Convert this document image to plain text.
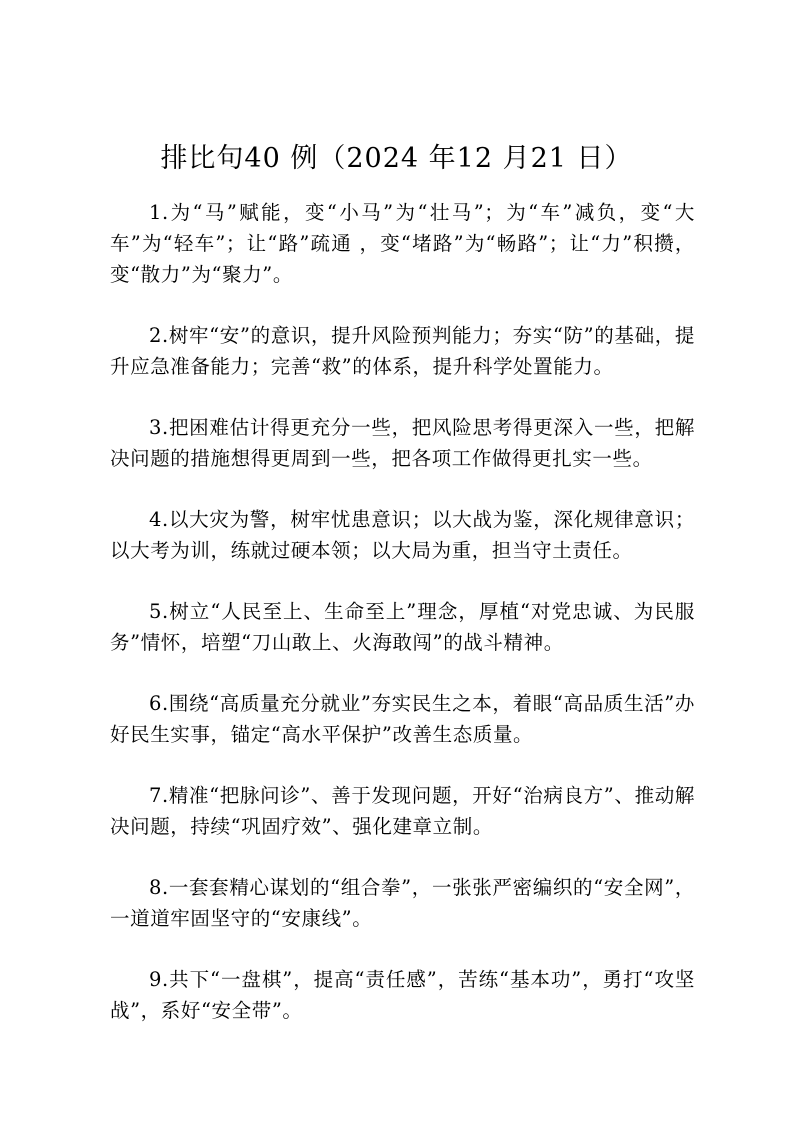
排比句40 例（2024 年12 月21 日）

1.为“马”赋能，变“小马”为“壮马”；为“车”减负，变“大车”为“轻车”；让“路”疏通 ，变“堵路”为“畅路”；让“力”积攒，变“散力”为“聚力”。

2.树牢“安”的意识，提升风险预判能力；夯实“防”的基础，提升应急准备能力；完善“救”的体系，提升科学处置能力。

3.把困难估计得更充分一些，把风险思考得更深入一些，把解决问题的措施想得更周到一些，把各项工作做得更扎实一些。

4.以大灾为警，树牢忧患意识；以大战为鉴，深化规律意识；以大考为训，练就过硬本领；以大局为重，担当守土责任。

5.树立“人民至上、生命至上”理念，厚植“对党忠诚、为民服务”情怀，培塑“刀山敢上、火海敢闯”的战斗精神。

6.围绕“高质量充分就业”夯实民生之本，着眼“高品质生活”办好民生实事，锚定“高水平保护”改善生态质量。

7.精准“把脉问诊”、善于发现问题，开好“治病良方”、推动解决问题，持续“巩固疗效”、强化建章立制。

8.一套套精心谋划的“组合拳”，一张张严密编织的“安全网”，一道道牢固坚守的“安康线”。

9.共下“一盘棋”，提高“责任感”，苦练“基本功”，勇打“攻坚战”，系好“安全带”。
